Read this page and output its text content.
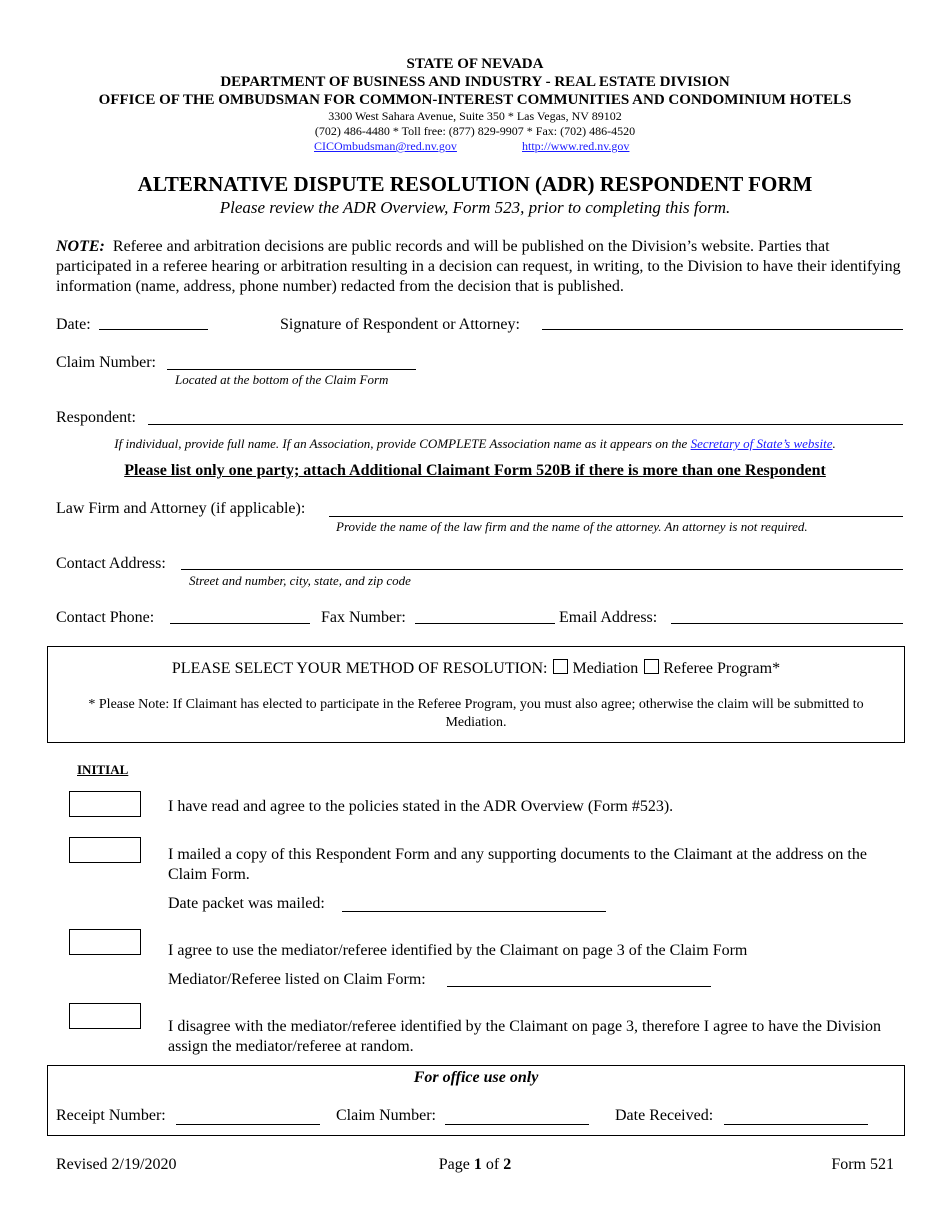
STATE OF NEVADA
DEPARTMENT OF BUSINESS AND INDUSTRY - REAL ESTATE DIVISION
OFFICE OF THE OMBUDSMAN FOR COMMON-INTEREST COMMUNITIES AND CONDOMINIUM HOTELS
3300 West Sahara Avenue, Suite 350 * Las Vegas, NV 89102
(702) 486-4480 * Toll free: (877) 829-9907 * Fax: (702) 486-4520
CICOmbudsman@red.nv.gov	http://www.red.nv.gov
ALTERNATIVE DISPUTE RESOLUTION (ADR) RESPONDENT FORM
Please review the ADR Overview, Form 523, prior to completing this form.
NOTE: Referee and arbitration decisions are public records and will be published on the Division’s website. Parties that participated in a referee hearing or arbitration resulting in a decision can request, in writing, to the Division to have their identifying information (name, address, phone number) redacted from the decision that is published.
Date:	Signature of Respondent or Attorney:
Claim Number:
Located at the bottom of the Claim Form
Respondent:
If individual, provide full name. If an Association, provide COMPLETE Association name as it appears on the Secretary of State’s website.
Please list only one party; attach Additional Claimant Form 520B if there is more than one Respondent
Law Firm and Attorney (if applicable):
Provide the name of the law firm and the name of the attorney. An attorney is not required.
Contact Address:
Street and number, city, state, and zip code
Contact Phone:	Fax Number:	Email Address:
PLEASE SELECT YOUR METHOD OF RESOLUTION: Mediation Referee Program*
* Please Note: If Claimant has elected to participate in the Referee Program, you must also agree; otherwise the claim will be submitted to Mediation.
INITIAL
I have read and agree to the policies stated in the ADR Overview (Form #523).
I mailed a copy of this Respondent Form and any supporting documents to the Claimant at the address on the Claim Form.
Date packet was mailed:
I agree to use the mediator/referee identified by the Claimant on page 3 of the Claim Form
Mediator/Referee listed on Claim Form:
I disagree with the mediator/referee identified by the Claimant on page 3, therefore I agree to have the Division assign the mediator/referee at random.
For office use only
Receipt Number:	Claim Number:	Date Received:
Revised 2/19/2020	Page 1 of 2	Form 521
